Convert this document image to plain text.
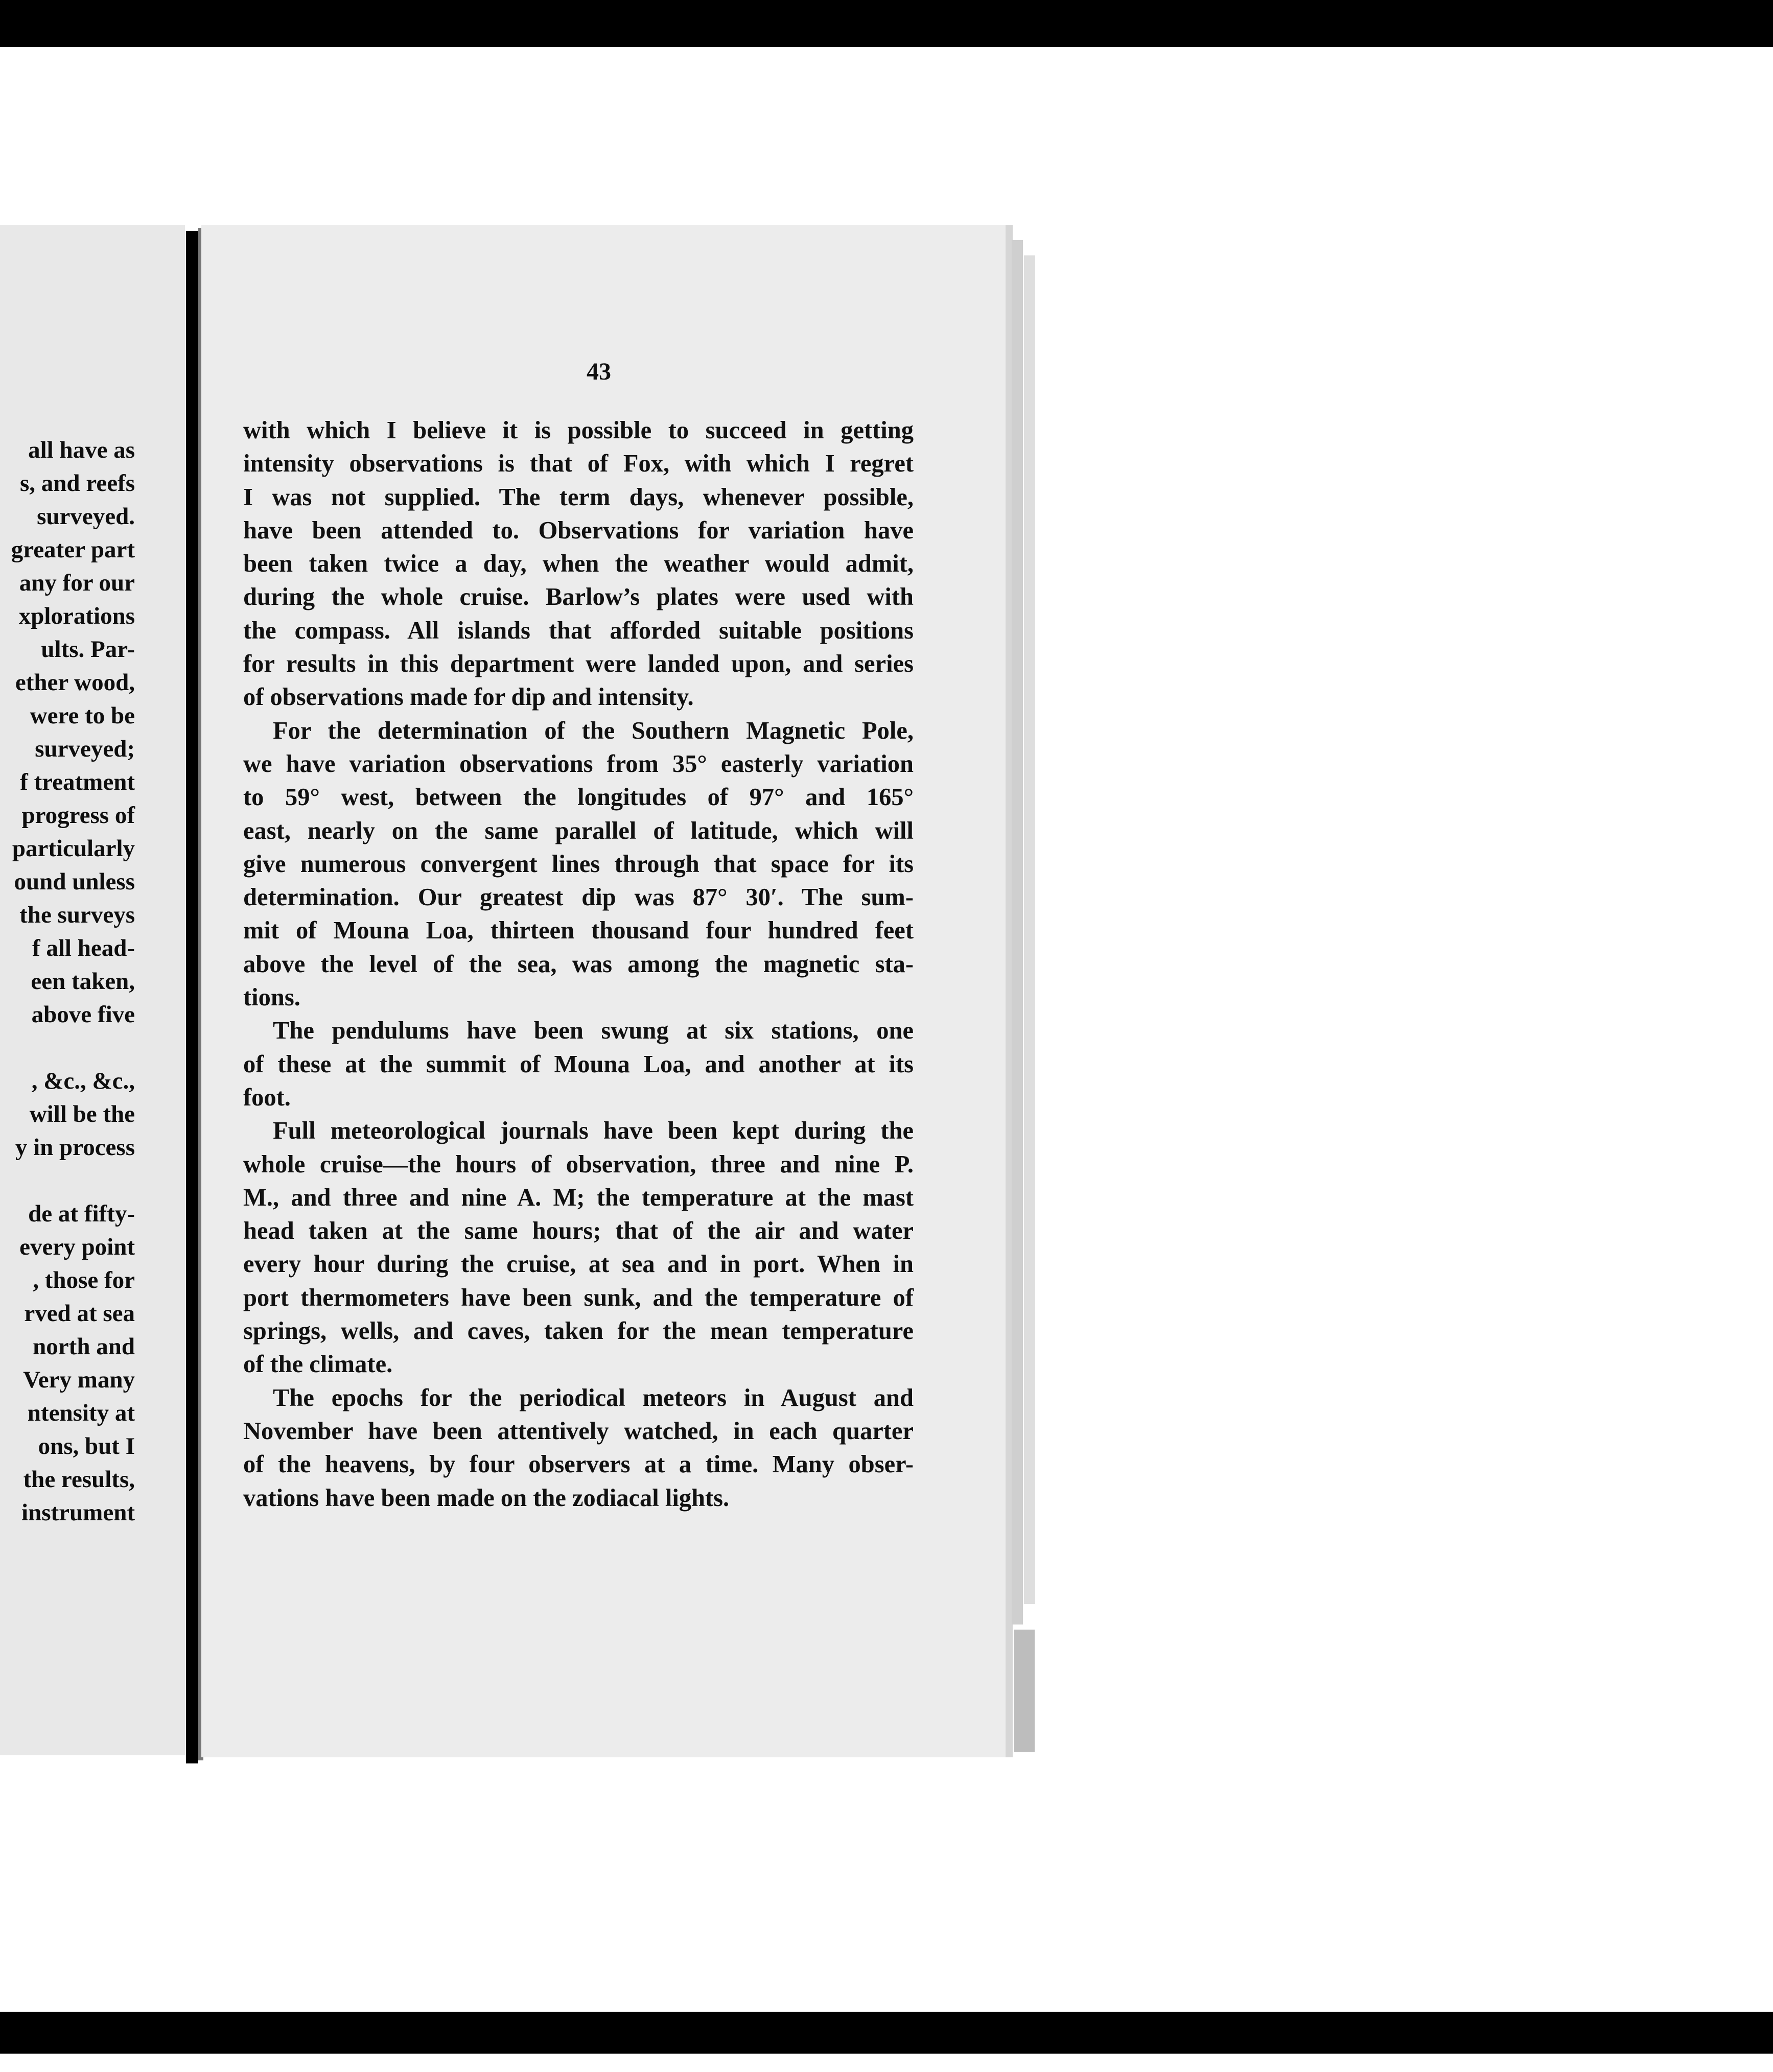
all have as
s, and reefs
surveyed.
greater part
any for our
xplorations
ults. Par-
ether wood,
were to be
surveyed;
f treatment
progress of
particularly
ound unless
the surveys
f all head-
een taken,
above five
, &c., &c.,
will be the
y in process
de at fifty-
every point
, those for
rved at sea
north and
Very many
ntensity at
ons, but I
the results,
instrument
43

with which I believe it is possible to succeed in getting
intensity observations is that of Fox, with which I regret
I was not supplied. The term days, whenever possible,
have been attended to. Observations for variation have
been taken twice a day, when the weather would admit,
during the whole cruise. Barlow’s plates were used with
the compass. All islands that afforded suitable positions
for results in this department were landed upon, and series
of observations made for dip and intensity.

For the determination of the Southern Magnetic Pole,
we have variation observations from 35° easterly variation
to 59° west, between the longitudes of 97° and 165°
east, nearly on the same parallel of latitude, which will
give numerous convergent lines through that space for its
determination. Our greatest dip was 87° 30′. The sum-
mit of Mouna Loa, thirteen thousand four hundred feet
above the level of the sea, was among the magnetic sta-
tions.

The pendulums have been swung at six stations, one
of these at the summit of Mouna Loa, and another at its
foot.

Full meteorological journals have been kept during the
whole cruise—the hours of observation, three and nine P.
M., and three and nine A. M; the temperature at the mast
head taken at the same hours; that of the air and water
every hour during the cruise, at sea and in port. When in
port thermometers have been sunk, and the temperature of
springs, wells, and caves, taken for the mean temperature
of the climate.

The epochs for the periodical meteors in August and
November have been attentively watched, in each quarter
of the heavens, by four observers at a time. Many obser-
vations have been made on the zodiacal lights.
